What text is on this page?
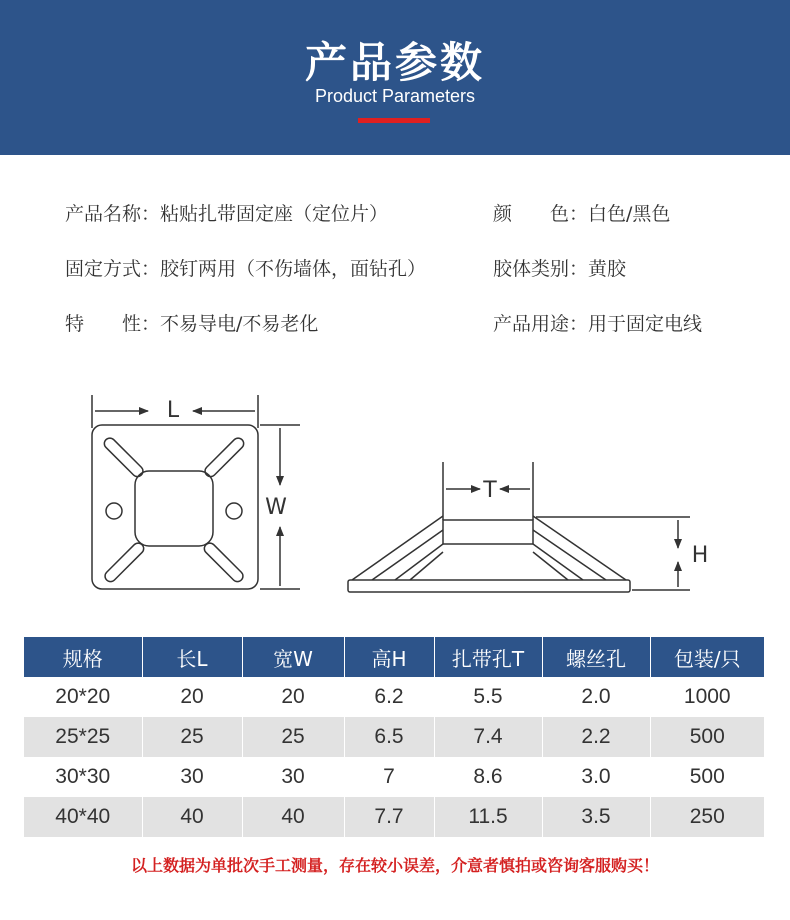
产品参数
Product Parameters
产品名称：粘贴扎带固定座（定位片）	颜　　色：白色/黑色
固定方式：胶钉两用（不伤墙体，面钻孔）	胶体类别：黄胶
特　　性：不易导电/不易老化	产品用途：用于固定电线
L
W
T
H
规格	长L	宽W	高H	扎带孔T	螺丝孔	包装/只
20*20	20	20	6.2	5.5	2.0	1000
25*25	25	25	6.5	7.4	2.2	500
30*30	30	30	7	8.6	3.0	500
40*40	40	40	7.7	11.5	3.5	250
以上数据为单批次手工测量，存在较小误差，介意者慎拍或咨询客服购买！
